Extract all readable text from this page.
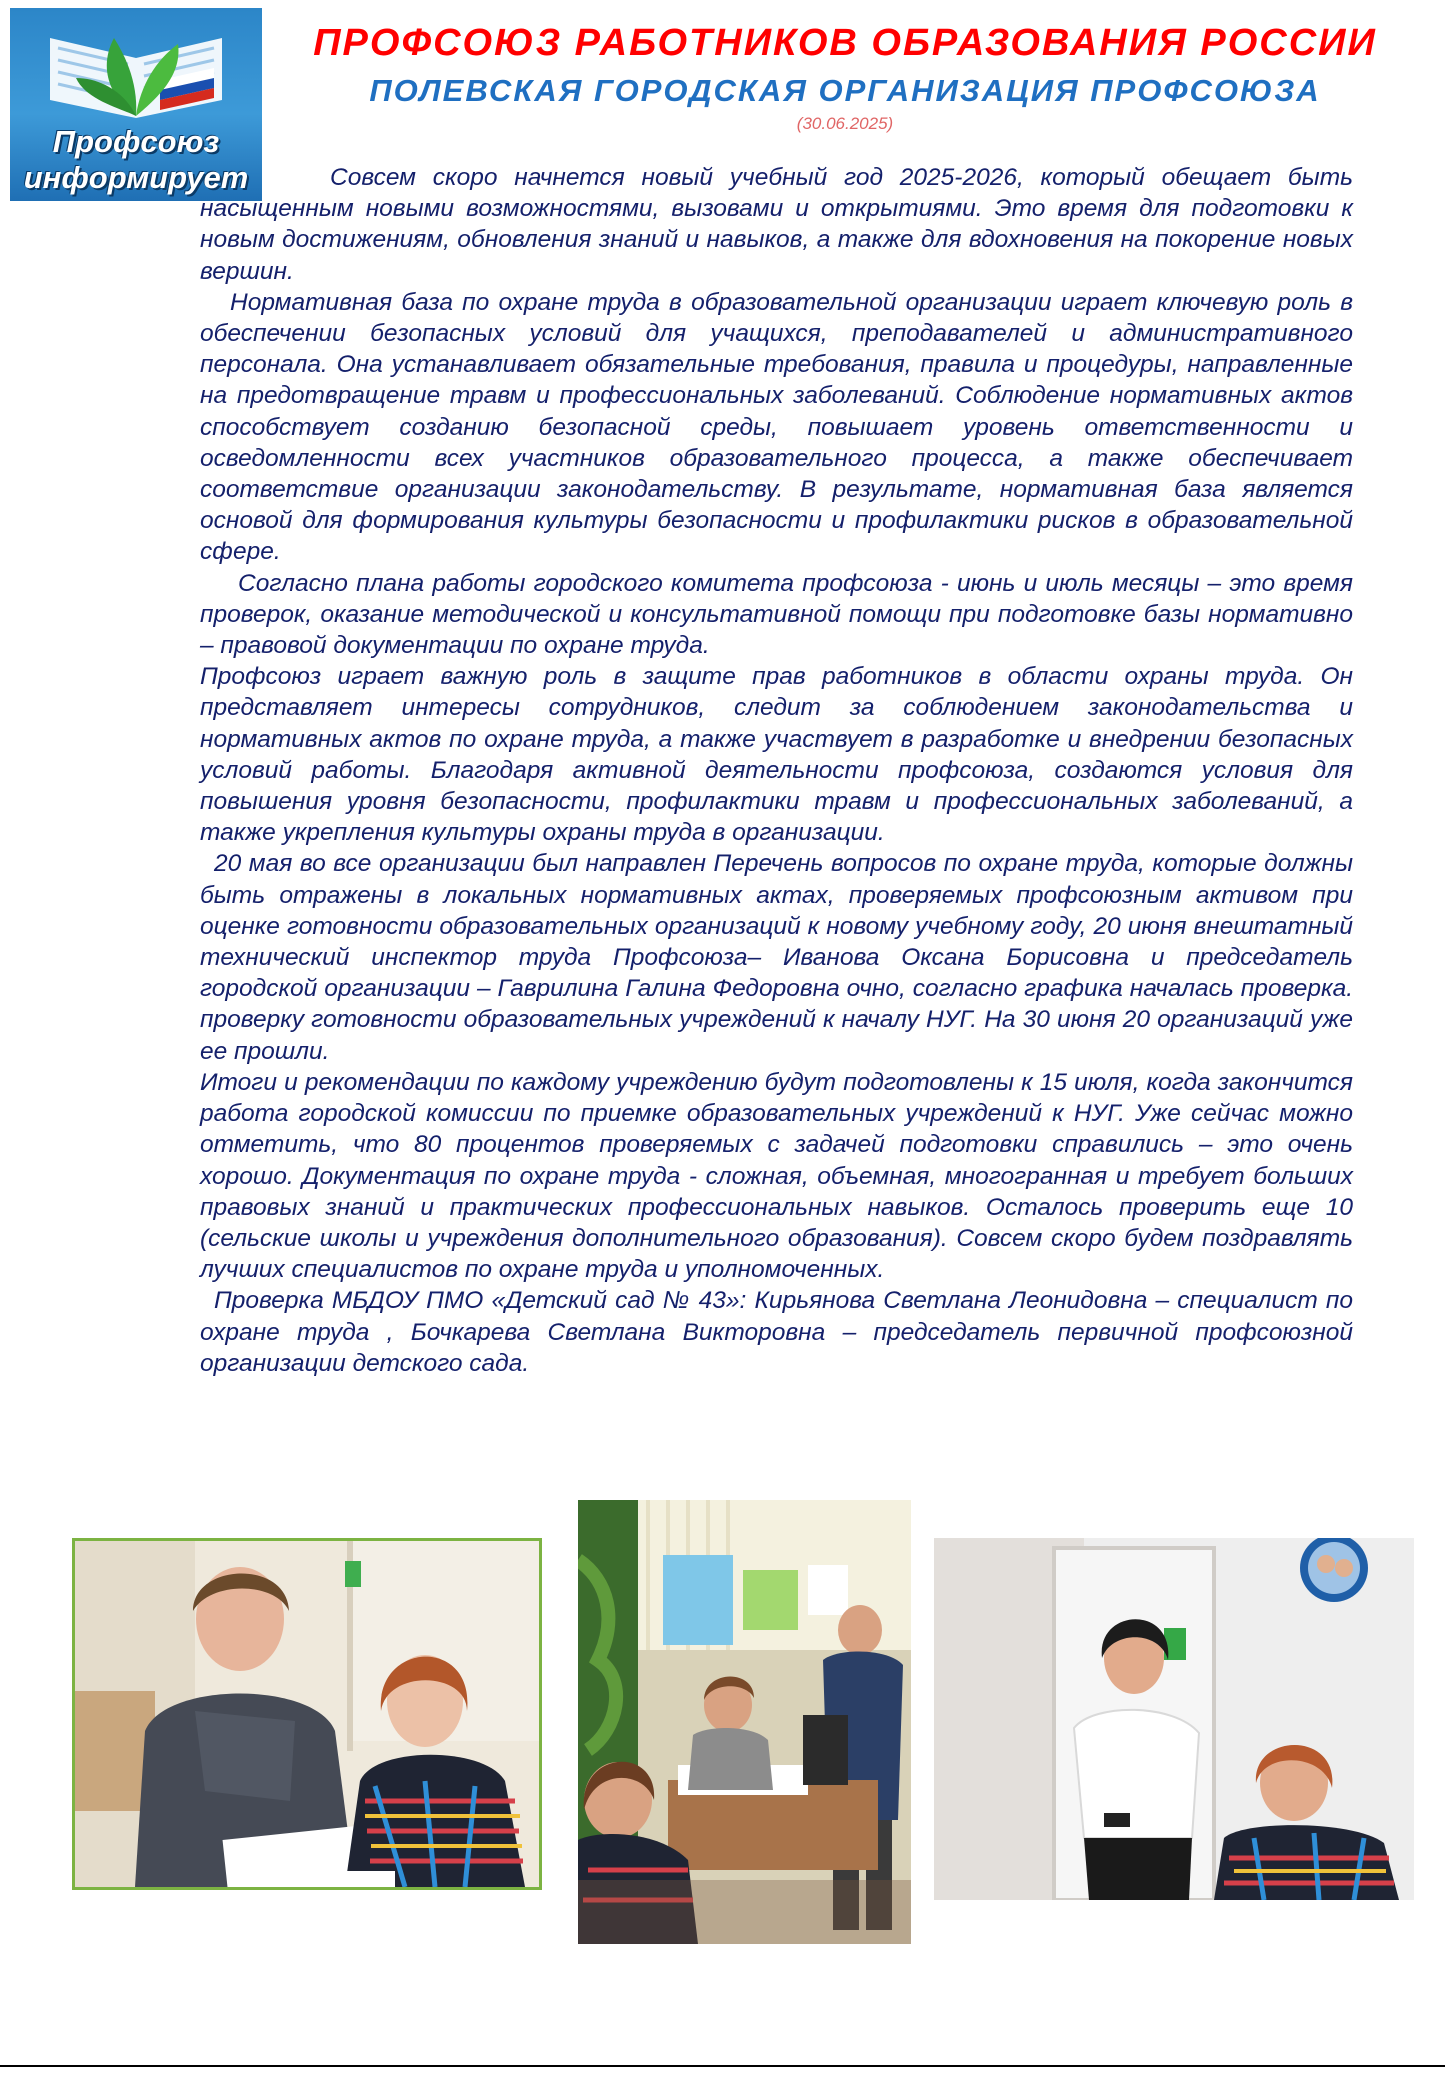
Профсоюз
информирует
ПРОФСОЮЗ РАБОТНИКОВ ОБРАЗОВАНИЯ РОССИИ
ПОЛЕВСКАЯ ГОРОДСКАЯ ОРГАНИЗАЦИЯ ПРОФСОЮЗА
(30.06.2025)

Совсем скоро начнется новый учебный год 2025-2026, который обещает быть насыщенным новыми возможностями, вызовами и открытиями. Это время для подготовки к новым достижениям, обновления знаний и навыков, а также для вдохновения на покорение новых вершин.

Нормативная база по охране труда в образовательной организации играет ключевую роль в обеспечении безопасных условий для учащихся, преподавателей и административного персонала. Она устанавливает обязательные требования, правила и процедуры, направленные на предотвращение травм и профессиональных заболеваний. Соблюдение нормативных актов способствует созданию безопасной среды, повышает уровень ответственности и осведомленности всех участников образовательного процесса, а также обеспечивает соответствие организации законодательству. В результате, нормативная база является основой для формирования культуры безопасности и профилактики рисков в образовательной сфере.

Согласно плана работы городского комитета профсоюза - июнь и июль месяцы – это время проверок, оказание методической и консультативной помощи при подготовке базы нормативно – правовой документации по охране труда.

Профсоюз играет важную роль в защите прав работников в области охраны труда. Он представляет интересы сотрудников, следит за соблюдением законодательства и нормативных актов по охране труда, а также участвует в разработке и внедрении безопасных условий работы. Благодаря активной деятельности профсоюза, создаются условия для повышения уровня безопасности, профилактики травм и профессиональных заболеваний, а также укрепления культуры охраны труда в организации.

20 мая во все организации был направлен Перечень вопросов по охране труда, которые должны быть отражены в локальных нормативных актах, проверяемых профсоюзным активом при оценке готовности образовательных организаций к новому учебному году, 20 июня внештатный технический инспектор труда Профсоюза– Иванова Оксана Борисовна и председатель городской организации – Гаврилина Галина Федоровна очно, согласно графика началась проверка. проверку готовности образовательных учреждений к началу НУГ. На 30 июня 20 организаций уже ее прошли.

Итоги и рекомендации по каждому учреждению будут подготовлены к 15 июля, когда закончится работа городской комиссии по приемке образовательных учреждений к НУГ. Уже сейчас можно отметить, что 80 процентов проверяемых с задачей подготовки справились – это очень хорошо. Документация по охране труда - сложная, объемная, многогранная и требует больших правовых знаний и практических профессиональных навыков. Осталось проверить еще 10 (сельские школы и учреждения дополнительного образования). Совсем скоро будем поздравлять лучших специалистов по охране труда и уполномоченных.

Проверка МБДОУ ПМО «Детский сад № 43»: Кирьянова Светлана Леонидовна – специалист по охране труда , Бочкарева Светлана Викторовна – председатель первичной профсоюзной организации детского сада.
